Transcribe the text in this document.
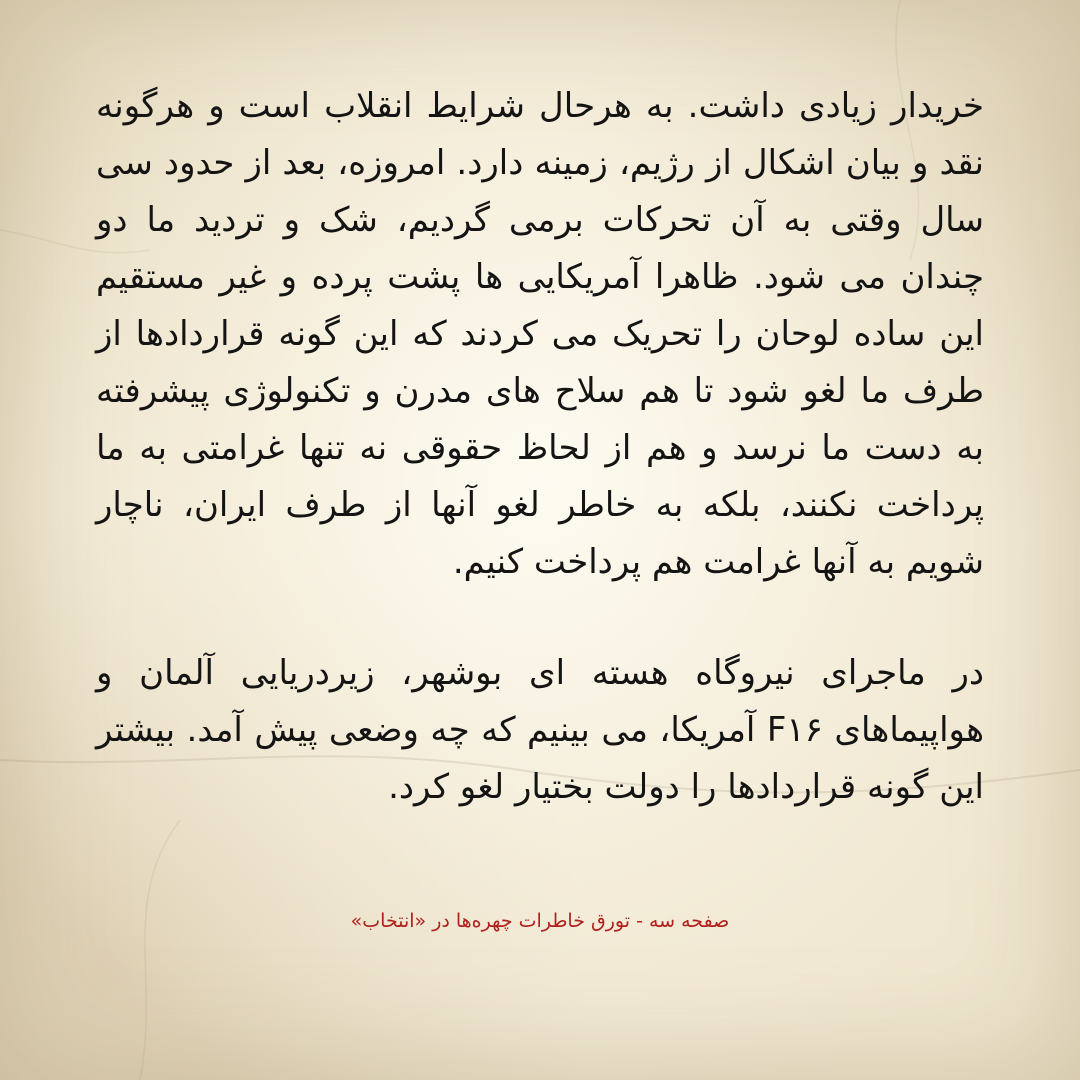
خریدار زیادی داشت. به هرحال شرایط انقلاب است و هرگونه نقد و بیان اشکال از رژیم، زمینه دارد. امروزه، بعد از حدود سی سال وقتی به آن تحرکات برمی گردیم، شک و تردید ما دو چندان می شود. ظاهرا آمریکایی ها پشت پرده و غیر مستقیم این ساده لوحان را تحریک می کردند که این گونه قراردادها از طرف ما لغو شود تا هم سلاح های مدرن و تکنولوژی پیشرفته به دست ما نرسد و هم از لحاظ حقوقی نه تنها غرامتی به ما پرداخت نکنند، بلکه به خاطر لغو آنها از طرف ایران، ناچار شویم به آنها غرامت هم پرداخت کنیم.

در ماجرای نیروگاه هسته ای بوشهر، زیردریایی آلمان و هواپیماهای F۱۶ آمریکا، می بینیم که چه وضعی پیش آمد. بیشتر این گونه قراردادها را دولت بختیار لغو کرد.

صفحه سه - تورق خاطرات چهره‌ها در «انتخاب»
